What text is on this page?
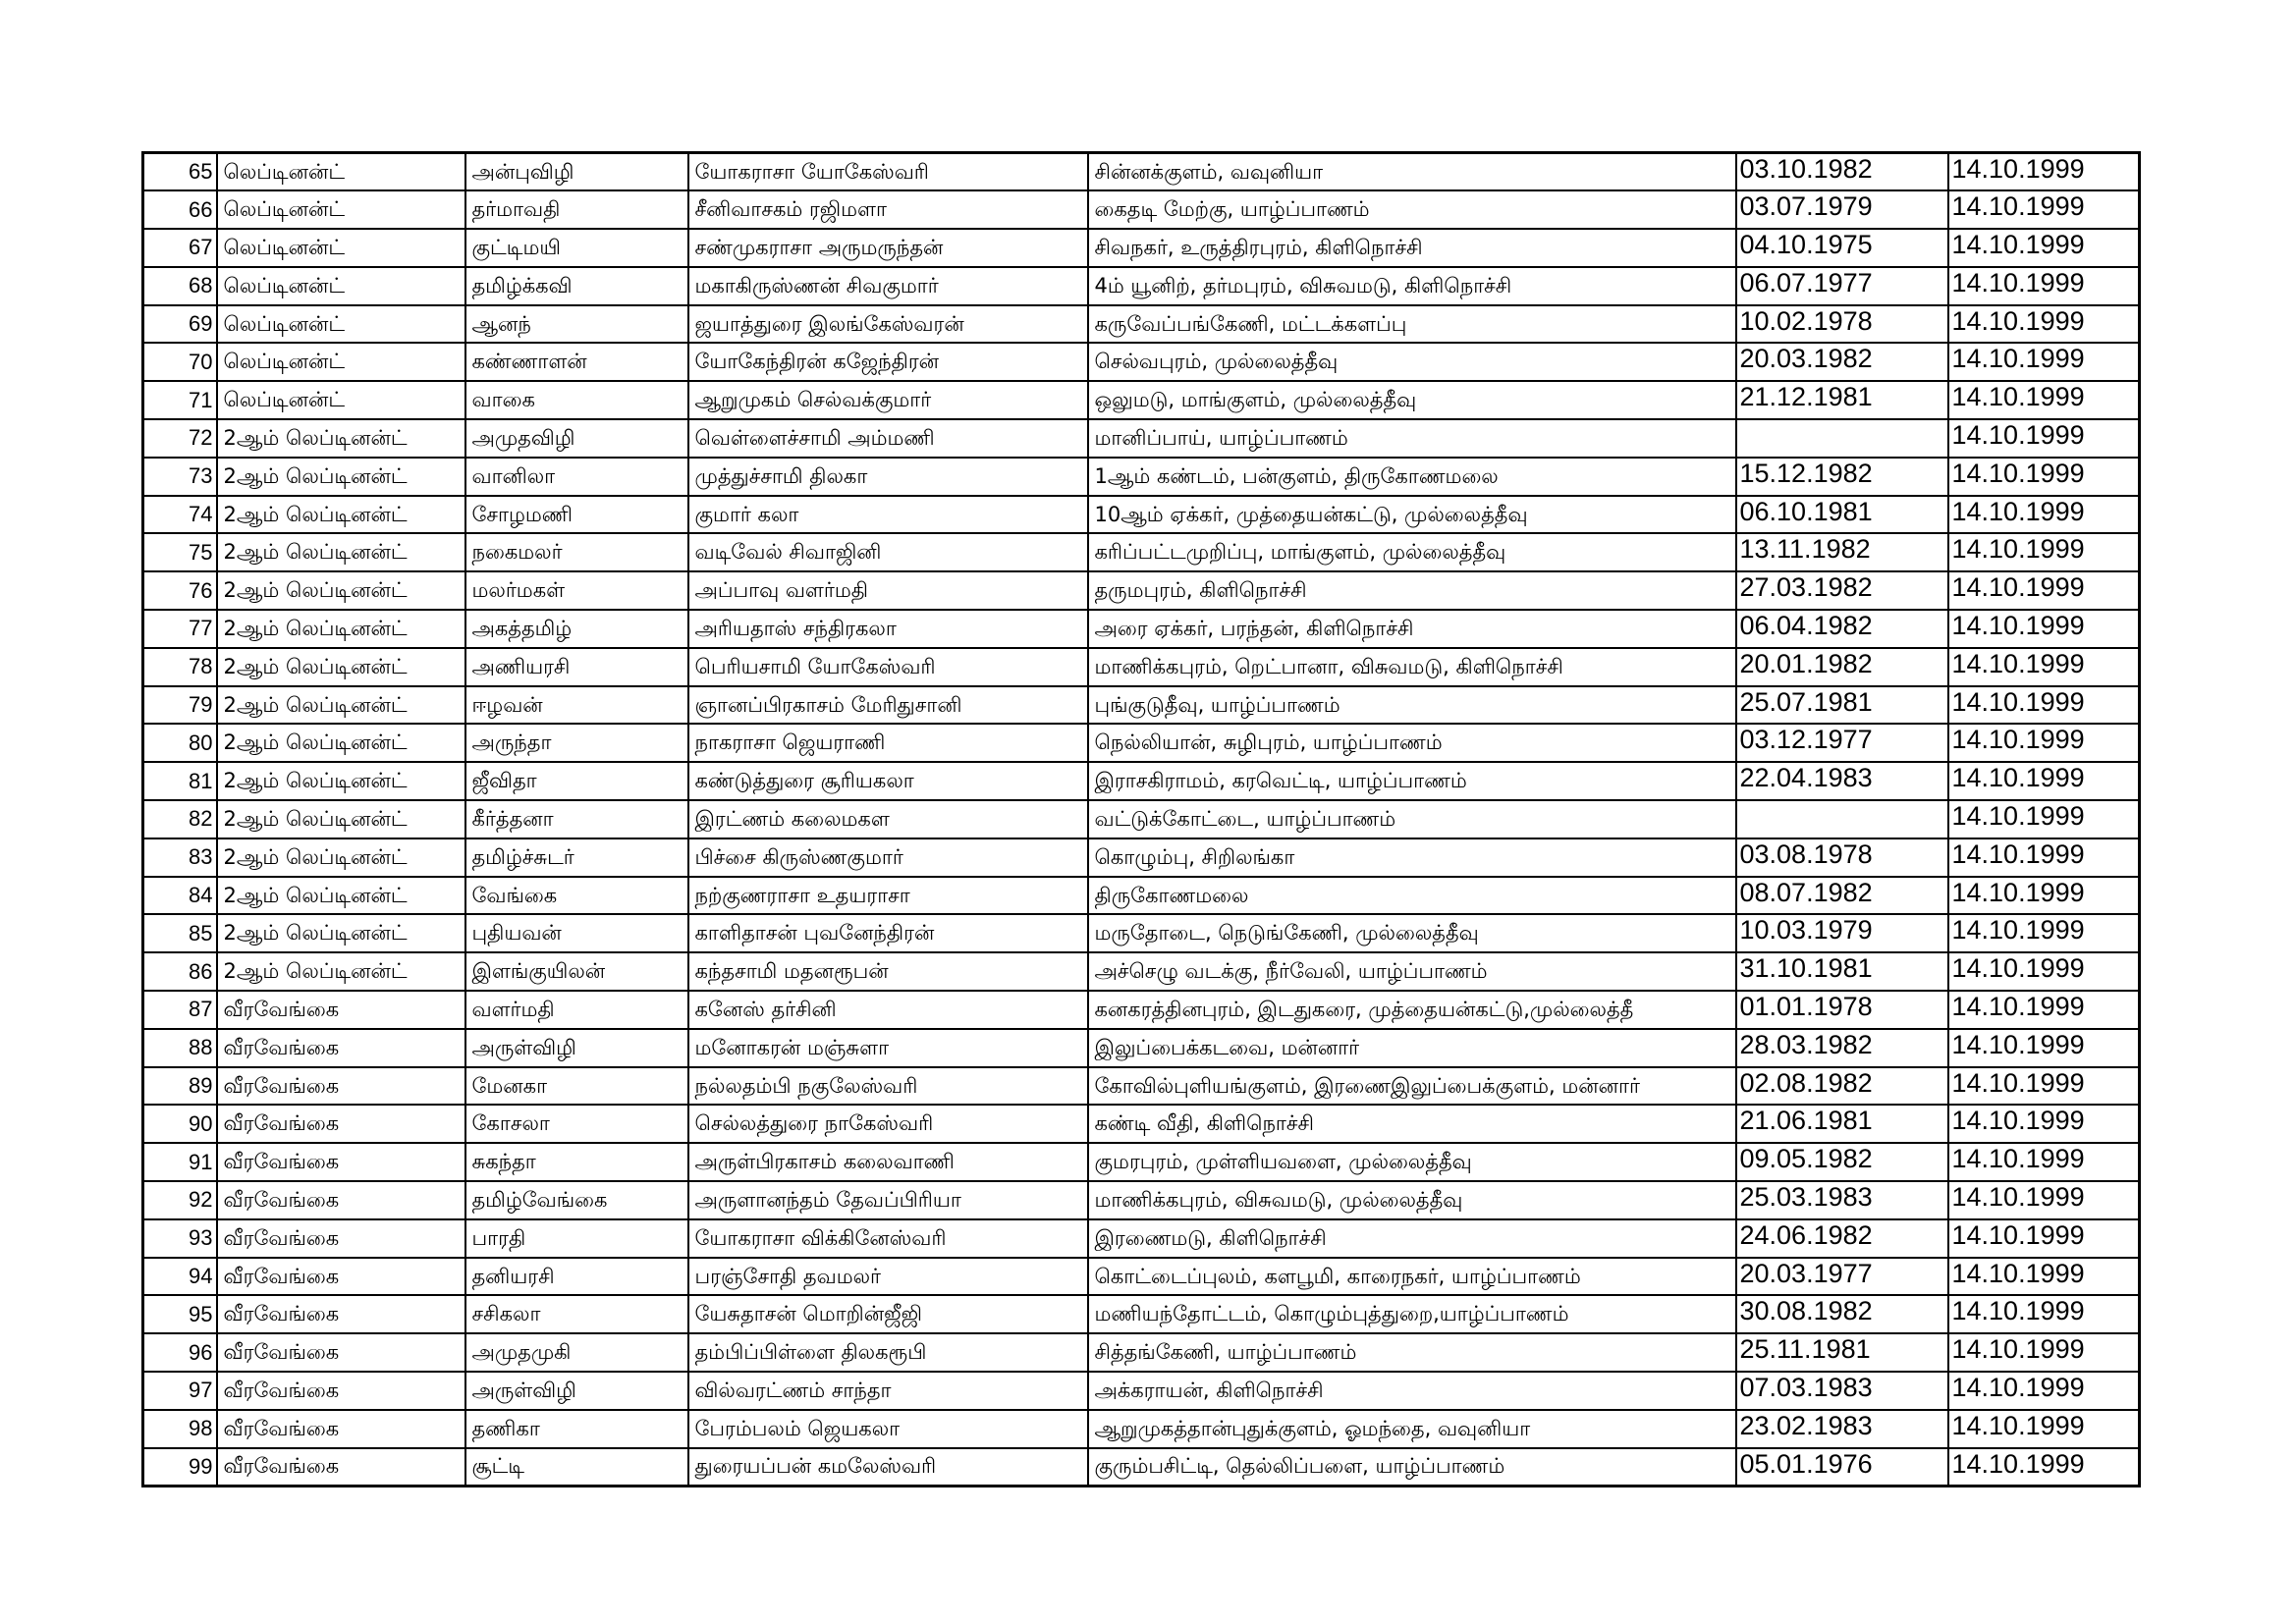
65	லெப்டினன்ட்	அன்புவிழி	யோகராசா யோகேஸ்வரி	சின்னக்குளம், வவுனியா	03.10.1982	14.10.1999
66	லெப்டினன்ட்	தர்மாவதி	சீனிவாசகம் ரஜிமளா	கைதடி மேற்கு, யாழ்ப்பாணம்	03.07.1979	14.10.1999
67	லெப்டினன்ட்	குட்டிமயி	சண்முகராசா அருமருந்தன்	சிவநகர், உருத்திரபுரம், கிளிநொச்சி	04.10.1975	14.10.1999
68	லெப்டினன்ட்	தமிழ்க்கவி	மகாகிருஸ்ணன் சிவகுமார்	4ம் யூனிற், தர்மபுரம், விசுவமடு, கிளிநொச்சி	06.07.1977	14.10.1999
69	லெப்டினன்ட்	ஆனந்	ஜயாத்துரை இலங்கேஸ்வரன்	கருவேப்பங்கேணி, மட்டக்களப்பு	10.02.1978	14.10.1999
70	லெப்டினன்ட்	கண்ணாளன்	யோகேந்திரன் கஜேந்திரன்	செல்வபுரம், முல்லைத்தீவு	20.03.1982	14.10.1999
71	லெப்டினன்ட்	வாகை	ஆறுமுகம் செல்வக்குமார்	ஒலுமடு, மாங்குளம், முல்லைத்தீவு	21.12.1981	14.10.1999
72	2ஆம் லெப்டினன்ட்	அமுதவிழி	வெள்ளைச்சாமி அம்மணி	மானிப்பாய், யாழ்ப்பாணம்		14.10.1999
73	2ஆம் லெப்டினன்ட்	வானிலா	முத்துச்சாமி திலகா	1ஆம் கண்டம், பன்குளம், திருகோணமலை	15.12.1982	14.10.1999
74	2ஆம் லெப்டினன்ட்	சோழமணி	குமார் கலா	10ஆம் ஏக்கர், முத்தையன்கட்டு, முல்லைத்தீவு	06.10.1981	14.10.1999
75	2ஆம் லெப்டினன்ட்	நகைமலர்	வடிவேல் சிவாஜினி	கரிப்பட்டமுறிப்பு, மாங்குளம், முல்லைத்தீவு	13.11.1982	14.10.1999
76	2ஆம் லெப்டினன்ட்	மலர்மகள்	அப்பாவு வளர்மதி	தருமபுரம், கிளிநொச்சி	27.03.1982	14.10.1999
77	2ஆம் லெப்டினன்ட்	அகத்தமிழ்	அரியதாஸ் சந்திரகலா	அரை ஏக்கர், பரந்தன், கிளிநொச்சி	06.04.1982	14.10.1999
78	2ஆம் லெப்டினன்ட்	அணியரசி	பெரியசாமி யோகேஸ்வரி	மாணிக்கபுரம், றெட்பானா, விசுவமடு, கிளிநொச்சி	20.01.1982	14.10.1999
79	2ஆம் லெப்டினன்ட்	ஈழவன்	ஞானப்பிரகாசம் மேரிதுசானி	புங்குடுதீவு, யாழ்ப்பாணம்	25.07.1981	14.10.1999
80	2ஆம் லெப்டினன்ட்	அருந்தா	நாகராசா ஜெயராணி	நெல்லியான், சுழிபுரம், யாழ்ப்பாணம்	03.12.1977	14.10.1999
81	2ஆம் லெப்டினன்ட்	ஜீவிதா	கண்டுத்துரை சூரியகலா	இராசகிராமம், கரவெட்டி, யாழ்ப்பாணம்	22.04.1983	14.10.1999
82	2ஆம் லெப்டினன்ட்	கீர்த்தனா	இரட்ணம் கலைமகள	வட்டுக்கோட்டை, யாழ்ப்பாணம்		14.10.1999
83	2ஆம் லெப்டினன்ட்	தமிழ்ச்சுடர்	பிச்சை கிருஸ்ணகுமார்	கொழும்பு, சிறிலங்கா	03.08.1978	14.10.1999
84	2ஆம் லெப்டினன்ட்	வேங்கை	நற்குணராசா உதயராசா	திருகோணமலை	08.07.1982	14.10.1999
85	2ஆம் லெப்டினன்ட்	புதியவன்	காளிதாசன் புவனேந்திரன்	மருதோடை, நெடுங்கேணி, முல்லைத்தீவு	10.03.1979	14.10.1999
86	2ஆம் லெப்டினன்ட்	இளங்குயிலன்	கந்தசாமி மதனரூபன்	அச்செழு வடக்கு, நீர்வேலி, யாழ்ப்பாணம்	31.10.1981	14.10.1999
87	வீரவேங்கை	வளர்மதி	கனேஸ் தர்சினி	கனகரத்தினபுரம், இடதுகரை, முத்தையன்கட்டு,முல்லைத்தீ	01.01.1978	14.10.1999
88	வீரவேங்கை	அருள்விழி	மனோகரன் மஞ்சுளா	இலுப்பைக்கடவை, மன்னார்	28.03.1982	14.10.1999
89	வீரவேங்கை	மேனகா	நல்லதம்பி நகுலேஸ்வரி	கோவில்புளியங்குளம், இரணைஇலுப்பைக்குளம், மன்னார்	02.08.1982	14.10.1999
90	வீரவேங்கை	கோசலா	செல்லத்துரை நாகேஸ்வரி	கண்டி வீதி, கிளிநொச்சி	21.06.1981	14.10.1999
91	வீரவேங்கை	சுகந்தா	அருள்பிரகாசம் கலைவாணி	குமரபுரம், முள்ளியவளை, முல்லைத்தீவு	09.05.1982	14.10.1999
92	வீரவேங்கை	தமிழ்வேங்கை	அருளானந்தம் தேவப்பிரியா	மாணிக்கபுரம், விசுவமடு, முல்லைத்தீவு	25.03.1983	14.10.1999
93	வீரவேங்கை	பாரதி	யோகராசா விக்கினேஸ்வரி	இரணைமடு, கிளிநொச்சி	24.06.1982	14.10.1999
94	வீரவேங்கை	தனியரசி	பரஞ்சோதி தவமலர்	கொட்டைப்புலம், களபூமி, காரைநகர், யாழ்ப்பாணம்	20.03.1977	14.10.1999
95	வீரவேங்கை	சசிகலா	யேசுதாசன் மொறின்ஜீஜி	மணியந்தோட்டம், கொழும்புத்துறை,யாழ்ப்பாணம்	30.08.1982	14.10.1999
96	வீரவேங்கை	அமுதமுகி	தம்பிப்பிள்ளை திலகரூபி	சித்தங்கேணி, யாழ்ப்பாணம்	25.11.1981	14.10.1999
97	வீரவேங்கை	அருள்விழி	வில்வரட்ணம் சாந்தா	அக்கராயன், கிளிநொச்சி	07.03.1983	14.10.1999
98	வீரவேங்கை	தணிகா	பேரம்பலம் ஜெயகலா	ஆறுமுகத்தான்புதுக்குளம், ஓமந்தை, வவுனியா	23.02.1983	14.10.1999
99	வீரவேங்கை	சூட்டி	துரையப்பன் கமலேஸ்வரி	குரும்பசிட்டி, தெல்லிப்பளை, யாழ்ப்பாணம்	05.01.1976	14.10.1999
